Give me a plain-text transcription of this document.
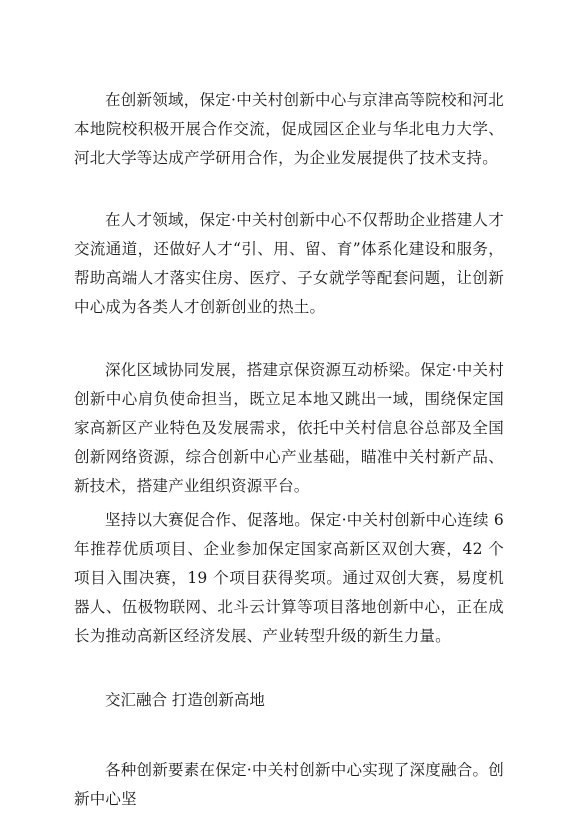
在创新领域，保定·中关村创新中心与京津高等院校和河北本地院校积极开展合作交流，促成园区企业与华北电力大学、河北大学等达成产学研用合作，为企业发展提供了技术支持。

在人才领域，保定·中关村创新中心不仅帮助企业搭建人才交流通道，还做好人才“引、用、留、育”体系化建设和服务，帮助高端人才落实住房、医疗、子女就学等配套问题，让创新中心成为各类人才创新创业的热土。

深化区域协同发展，搭建京保资源互动桥梁。保定·中关村创新中心肩负使命担当，既立足本地又跳出一域，围绕保定国家高新区产业特色及发展需求，依托中关村信息谷总部及全国创新网络资源，综合创新中心产业基础，瞄准中关村新产品、新技术，搭建产业组织资源平台。

坚持以大赛促合作、促落地。保定·中关村创新中心连续 6 年推荐优质项目、企业参加保定国家高新区双创大赛，42 个项目入围决赛，19 个项目获得奖项。通过双创大赛，易度机器人、伍极物联网、北斗云计算等项目落地创新中心，正在成长为推动高新区经济发展、产业转型升级的新生力量。

交汇融合 打造创新高地

各种创新要素在保定·中关村创新中心实现了深度融合。创新中心坚
